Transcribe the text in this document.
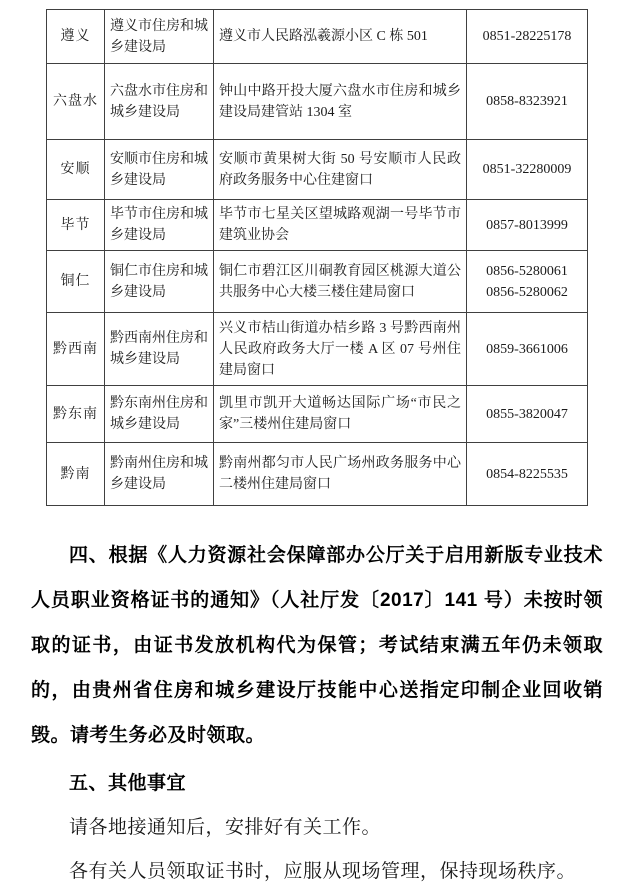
遵义	遵义市住房和城乡建设局	遵义市人民路泓羲源小区 C 栋 501	0851-28225178

六盘水	六盘水市住房和城乡建设局	钟山中路开投大厦六盘水市住房和城乡建设局建管站 1304 室	0858-8323921

安顺	安顺市住房和城乡建设局	安顺市黄果树大街 50 号安顺市人民政府政务服务中心住建窗口	0851-32280009

毕节	毕节市住房和城乡建设局	毕节市七星关区望城路观湖一号毕节市建筑业协会	0857-8013999

铜仁	铜仁市住房和城乡建设局	铜仁市碧江区川硐教育园区桃源大道公共服务中心大楼三楼住建局窗口	0856-5280061
0856-5280062

黔西南	黔西南州住房和城乡建设局	兴义市桔山街道办桔乡路 3 号黔西南州人民政府政务大厅一楼 A 区 07 号州住建局窗口	0859-3661006

黔东南	黔东南州住房和城乡建设局	凯里市凯开大道畅达国际广场“市民之家”三楼州住建局窗口	0855-3820047

黔南	黔南州住房和城乡建设局	黔南州都匀市人民广场州政务服务中心二楼州住建局窗口	0854-8225535

四、根据《人力资源社会保障部办公厅关于启用新版专业技术人员职业资格证书的通知》（人社厅发〔2017〕141 号）未按时领取的证书，由证书发放机构代为保管；考试结束满五年仍未领取的，由贵州省住房和城乡建设厅技能中心送指定印制企业回收销毁。请考生务必及时领取。

五、其他事宜

请各地接通知后，安排好有关工作。

各有关人员领取证书时，应服从现场管理，保持现场秩序。
